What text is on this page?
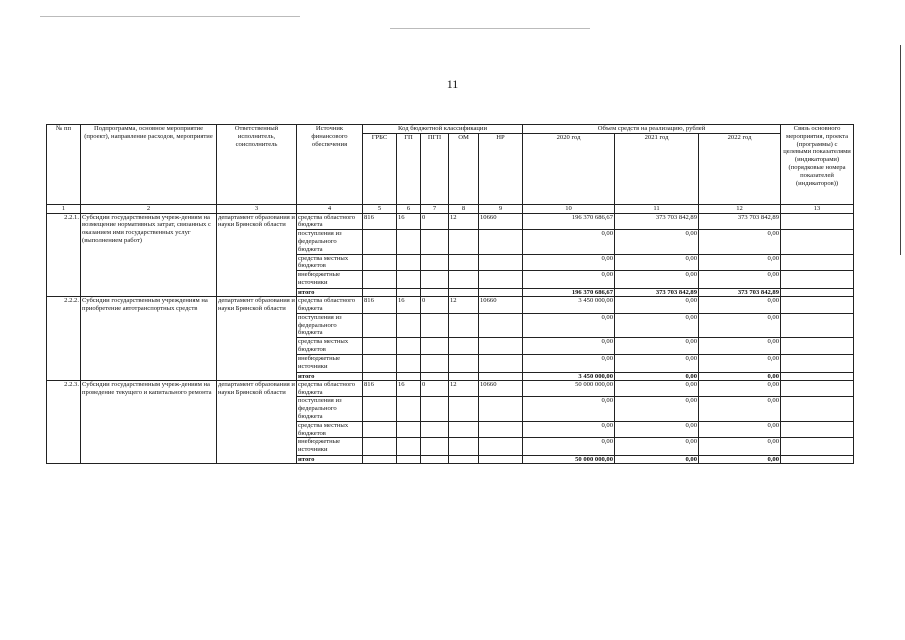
11
№ пп	Подпрограмма, основное мероприятие (проект), направление расходов, мероприятие	Ответственный исполнитель, соисполнитель	Источник финансового обеспечения	Код бюджетной классификации					Объем средств на реализацию, рублей			Связь основного мероприятия, проекта (программы) с целевыми показателями (индикаторами) (порядковые номера показателей (индикаторов))
				ГРБС	ГП	ПГП	ОМ	НР	2020 год	2021 год	2022 год	
1	2	3	4	5	6	7	8	9	10	11	12	13
2.2.1.	Субсидии государственным учреж-дениям на возмещение нормативных затрат, связанных с оказанием ими государственных услуг (выполнением работ)	департамент образования и науки Брянской области	средства областного бюджета	816	16	0	12	10660	196 370 686,67	373 703 842,89	373 703 842,89	
			поступления из федерального бюджета						0,00	0,00	0,00	
			средства местных бюджетов						0,00	0,00	0,00	
			внебюджетные источники						0,00	0,00	0,00	
			итого						196 370 686,67	373 703 842,89	373 703 842,89	
2.2.2.	Субсидии государственным учреждениям на приобретение автотранспортных средств	департамент образования и науки Брянской области	средства областного бюджета	816	16	0	12	10660	3 450 000,00	0,00	0,00	
			поступления из федерального бюджета						0,00	0,00	0,00	
			средства местных бюджетов						0,00	0,00	0,00	
			внебюджетные источники						0,00	0,00	0,00	
			итого						3 450 000,00	0,00	0,00	
2.2.3.	Субсидии государственным учреж-дениям на проведение текущего и капитального ремонта	департамент образования и науки Брянской области	средства областного бюджета	816	16	0	12	10660	50 000 000,00	0,00	0,00	
			поступления из федерального бюджета						0,00	0,00	0,00	
			средства местных бюджетов						0,00	0,00	0,00	
			внебюджетные источники						0,00	0,00	0,00	
			итого						50 000 000,00	0,00	0,00	
